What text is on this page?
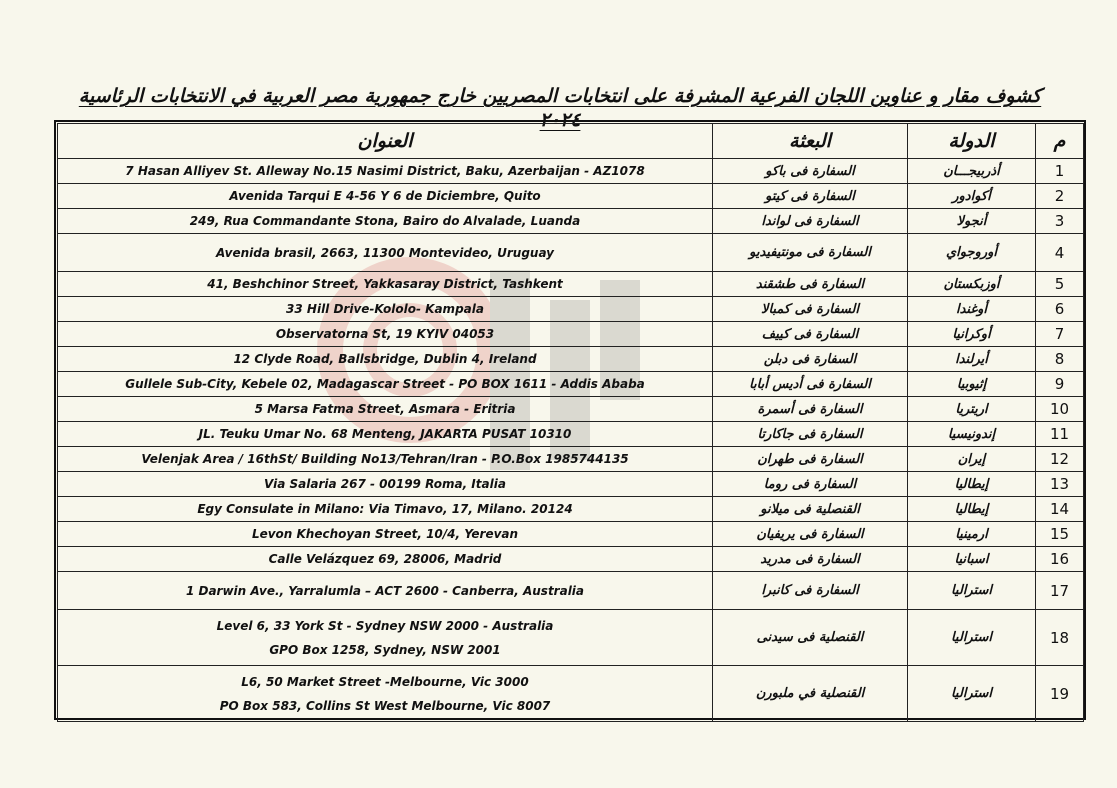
كشوف مقار و عناوين اللجان الفرعية المشرفة على انتخابات المصريين خارج جمهورية مصر العربية في الانتخابات الرئاسية ٢٠٢٤
العنوان	البعثة	الدولة	م

7 Hasan Alliyev St. Alleway No.15 Nasimi District, Baku, Azerbaijan - AZ1078	السفارة فى باكو	أذربيجـــان	1

Avenida Tarqui E 4-56 Y 6 de Diciembre, Quito	السفارة فى كيتو	أكوادور	2

249, Rua Commandante Stona, Bairo do Alvalade, Luanda	السفارة فى لواندا	أنجولا	3

Avenida brasil, 2663, 11300 Montevideo, Uruguay	السفارة فى مونتيفيديو	أوروجواي	4

41, Beshchinor Street, Yakkasaray District, Tashkent	السفارة فى طشقند	أوزبكستان	5

33 Hill Drive-Kololo- Kampala	السفارة فى كمبالا	أوغندا	6

Observatorna St, 19 KYIV 04053	السفارة فى كييف	أوكرانيا	7

12 Clyde Road, Ballsbridge, Dublin 4, Ireland	السفارة فى دبلن	أيرلندا	8

Gullele Sub-City, Kebele 02, Madagascar Street - PO BOX 1611 - Addis Ababa	السفارة فى أديس أبابا	إثيوبيا	9

5 Marsa Fatma Street, Asmara - Eritria	السفارة فى أسمرة	اريتريا	10

JL. Teuku Umar No. 68 Menteng, JAKARTA PUSAT 10310	السفارة فى جاكارتا	إندونيسيا	11

Velenjak Area / 16thSt/ Building No13/Tehran/Iran - P.O.Box 1985744135	السفارة فى طهران	إيران	12

Via Salaria 267 - 00199 Roma, Italia	السفارة فى روما	إيطاليا	13

Egy Consulate in Milano: Via Timavo, 17, Milano. 20124	القنصلية فى ميلانو	إيطاليا	14

Levon Khechoyan Street, 10/4, Yerevan	السفارة فى يريفيان	ارمينيا	15

Calle Velázquez 69, 28006, Madrid	السفارة فى مدريد	اسبانيا	16

1 Darwin Ave., Yarralumla – ACT 2600 - Canberra, Australia	السفارة فى كانبرا	استراليا	17

Level 6, 33 York St - Sydney NSW 2000 - Australia
GPO Box 1258, Sydney, NSW 2001	القنصلية فى سيدنى	استراليا	18

L6, 50 Market Street -Melbourne, Vic 3000
PO Box 583, Collins St West Melbourne, Vic 8007	القنصلية في ملبورن	استراليا	19
